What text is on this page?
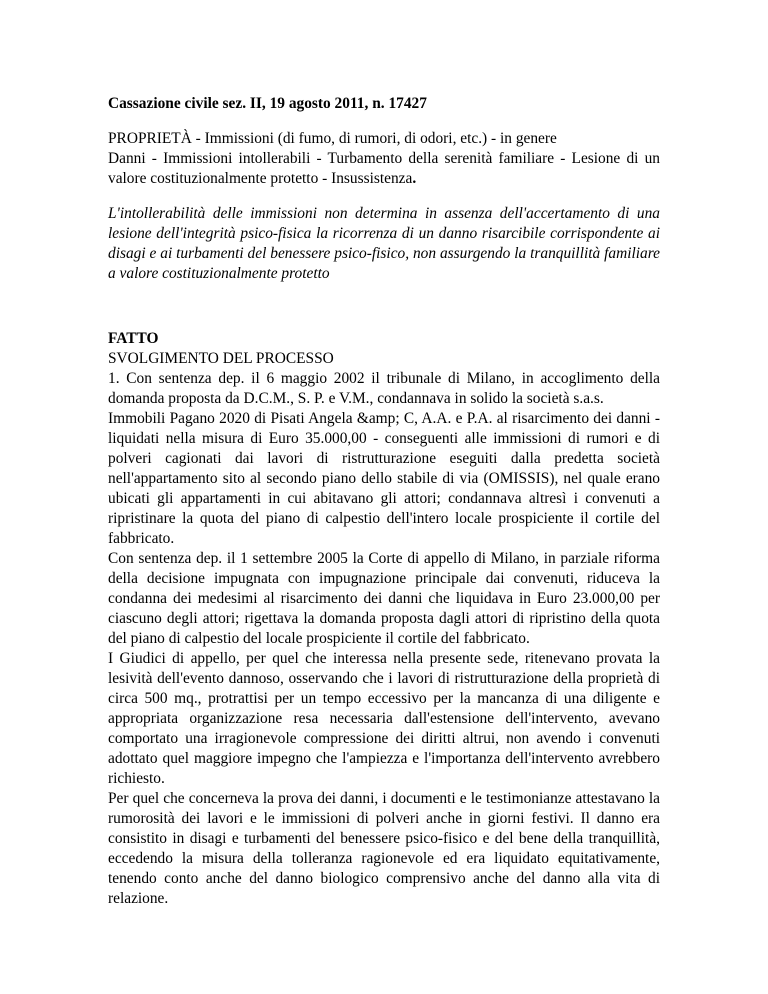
Cassazione civile sez. II, 19 agosto 2011, n. 17427

PROPRIETÀ - Immissioni (di fumo, di rumori, di odori, etc.) - in genere

Danni - Immissioni intollerabili - Turbamento della serenità familiare - Lesione di un valore costituzionalmente protetto - Insussistenza.

L'intollerabilità delle immissioni non determina in assenza dell'accertamento di una lesione dell'integrità psico-fisica la ricorrenza di un danno risarcibile corrispondente ai disagi e ai turbamenti del benessere psico-fisico, non assurgendo la tranquillità familiare a valore costituzionalmente protetto

FATTO

SVOLGIMENTO DEL PROCESSO

1. Con sentenza dep. il 6 maggio 2002 il tribunale di Milano, in accoglimento della domanda proposta da D.C.M., S. P. e V.M., condannava in solido la società s.a.s.

Immobili Pagano 2020 di Pisati Angela &amp; C, A.A. e P.A. al risarcimento dei danni - liquidati nella misura di Euro 35.000,00 - conseguenti alle immissioni di rumori e di polveri cagionati dai lavori di ristrutturazione eseguiti dalla predetta società nell'appartamento sito al secondo piano dello stabile di via (OMISSIS), nel quale erano ubicati gli appartamenti in cui abitavano gli attori; condannava altresì i convenuti a ripristinare la quota del piano di calpestio dell'intero locale prospiciente il cortile del fabbricato.

Con sentenza dep. il 1 settembre 2005 la Corte di appello di Milano, in parziale riforma della decisione impugnata con impugnazione principale dai convenuti, riduceva la condanna dei medesimi al risarcimento dei danni che liquidava in Euro 23.000,00 per ciascuno degli attori; rigettava la domanda proposta dagli attori di ripristino della quota del piano di calpestio del locale prospiciente il cortile del fabbricato.

I Giudici di appello, per quel che interessa nella presente sede, ritenevano provata la lesività dell'evento dannoso, osservando che i lavori di ristrutturazione della proprietà di circa 500 mq., protrattisi per un tempo eccessivo per la mancanza di una diligente e appropriata organizzazione resa necessaria dall'estensione dell'intervento, avevano comportato una irragionevole compressione dei diritti altrui, non avendo i convenuti adottato quel maggiore impegno che l'ampiezza e l'importanza dell'intervento avrebbero richiesto.

Per quel che concerneva la prova dei danni, i documenti e le testimonianze attestavano la rumorosità dei lavori e le immissioni di polveri anche in giorni festivi. Il danno era consistito in disagi e turbamenti del benessere psico-fisico e del bene della tranquillità, eccedendo la misura della tolleranza ragionevole ed era liquidato equitativamente, tenendo conto anche del danno biologico comprensivo anche del danno alla vita di relazione.
